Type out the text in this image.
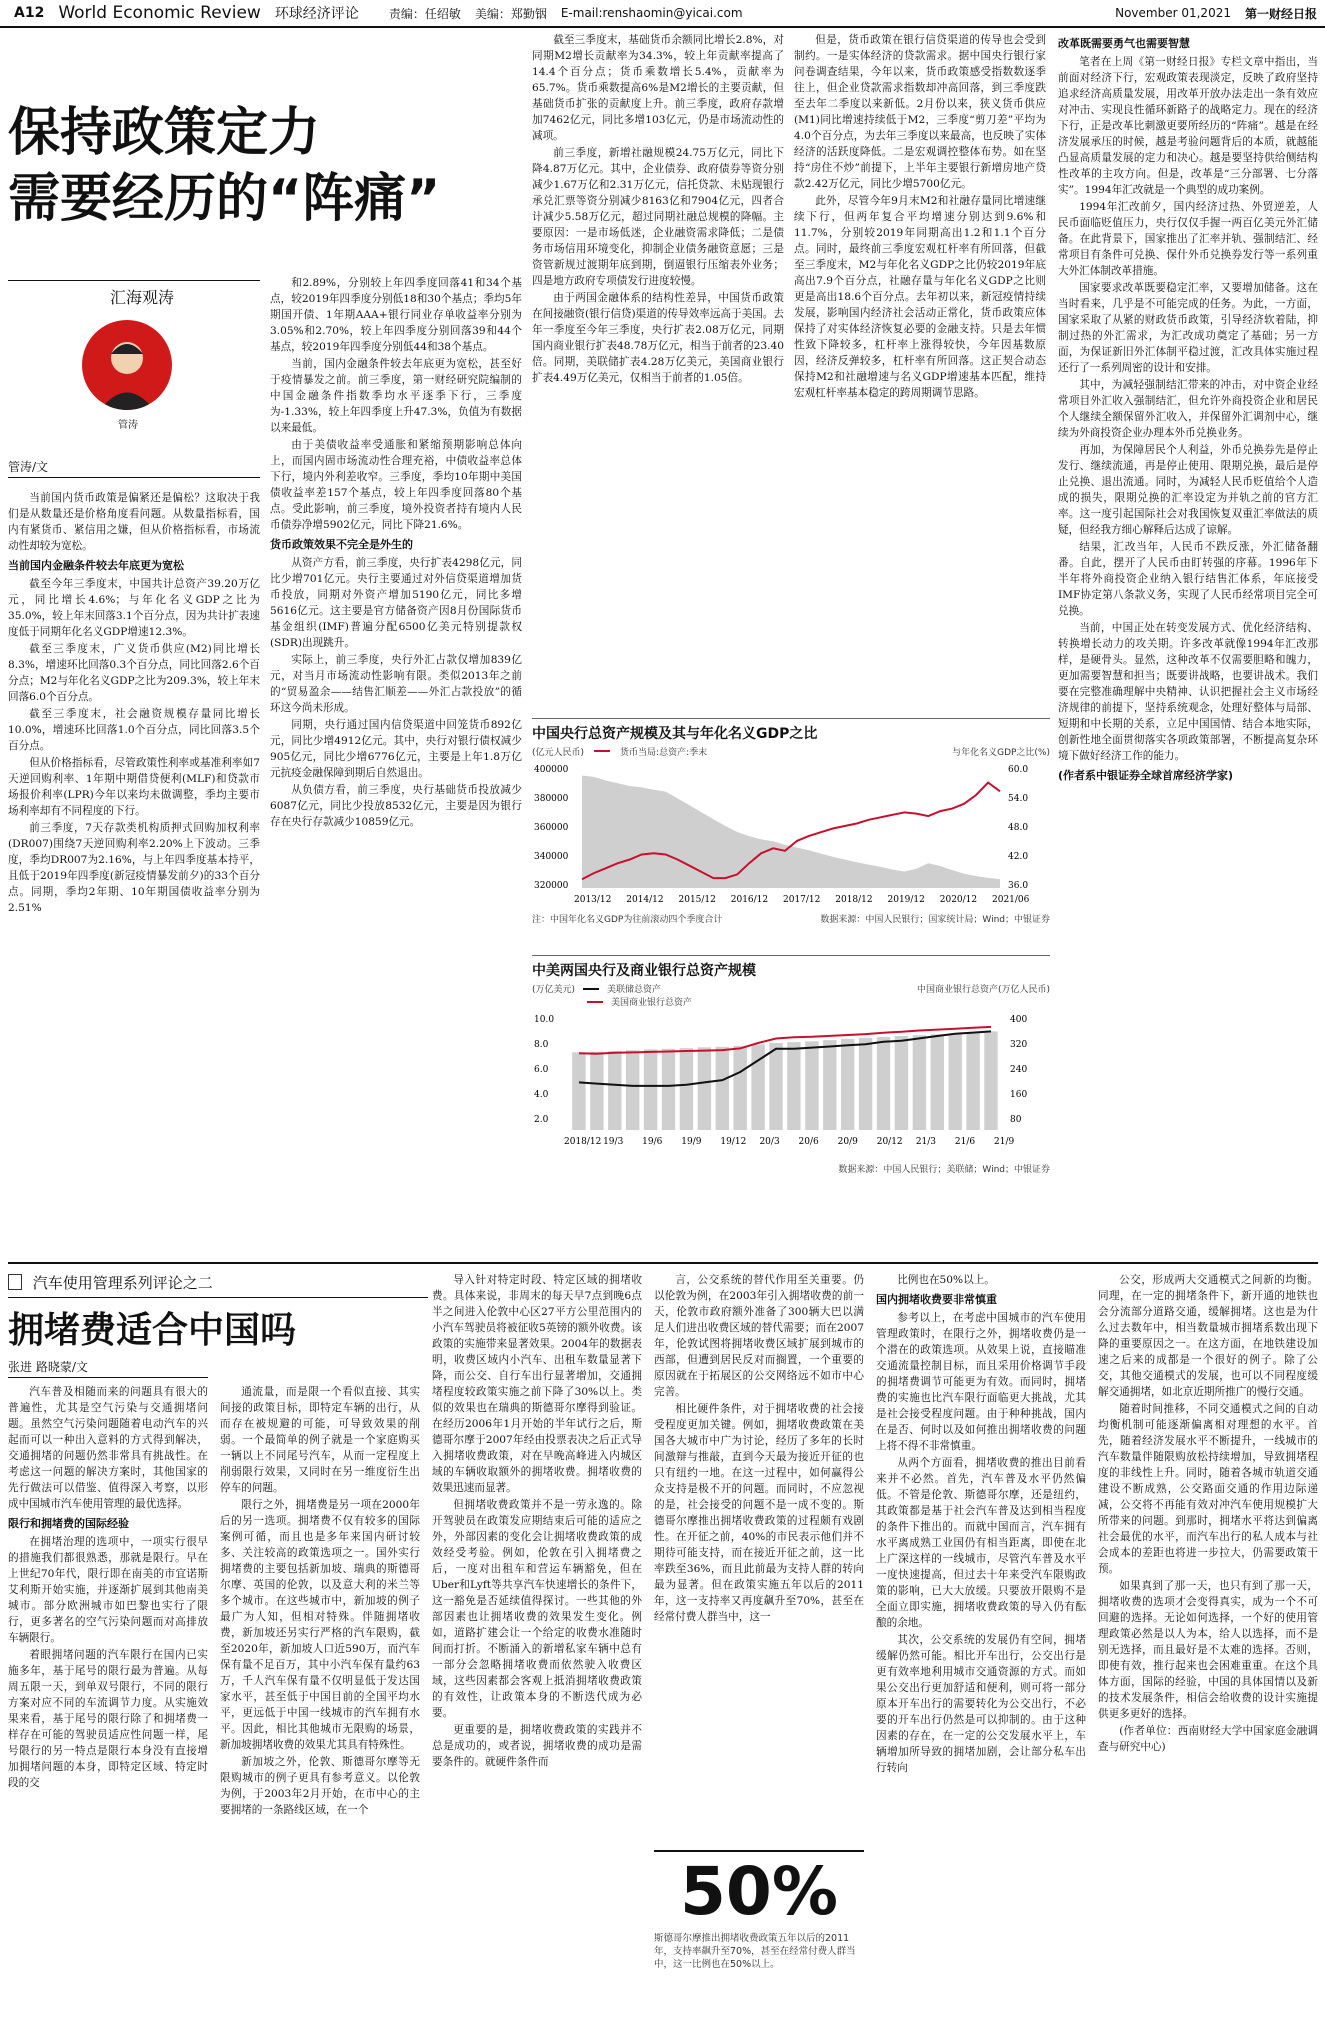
A12 World Economic Review 环球经济评论	责编：任绍敏 美编：郑勤铟 E-mail:renshaomin@yicai.com	November 01,2021 第一财经日报
保持政策定力
需要经历的“阵痛”
汇海观涛
管涛
管涛/文

当前国内货币政策是偏紧还是偏松？这取决于我们是从数量还是价格角度看问题。从数量指标看，国内有紧货币、紧信用之嫌，但从价格指标看，市场流动性却较为宽松。

当前国内金融条件较去年底更为宽松

截至今年三季度末，中国共计总资产39.20万亿元，同比增长4.6%；与年化名义GDP之比为35.0%，较上年末回落3.1个百分点，因为共计扩表速度低于同期年化名义GDP增速12.3%。

截至三季度末，广义货币供应(M2)同比增长8.3%，增速环比回落0.3个百分点，同比回落2.6个百分点；M2与年化名义GDP之比为209.3%，较上年末回落6.0个百分点。

截至三季度末，社会融资规模存量同比增长10.0%，增速环比回落1.0个百分点，同比回落3.5个百分点。

但从价格指标看，尽管政策性利率或基准利率如7天逆回购利率、1年期中期借贷便利(MLF)和贷款市场报价利率(LPR)今年以来均未做调整，季均主要市场利率却有不同程度的下行。

前三季度，7天存款类机构质押式回购加权利率(DR007)围绕7天逆回购利率2.20%上下波动。三季度，季均DR007为2.16%，与上年四季度基本持平，且低于2019年四季度(新冠疫情暴发前夕)的33个百分点。同期，季均2年期、10年期国债收益率分别为2.51%

和2.89%，分别较上年四季度回落41和34个基点，较2019年四季度分别低18和30个基点；季均5年期国开债、1年期AAA+银行同业存单收益率分别为3.05%和2.70%，较上年四季度分别回落39和44个基点，较2019年四季度分别低44和38个基点。

当前，国内金融条件较去年底更为宽松，甚至好于疫情暴发之前。前三季度，第一财经研究院编制的中国金融条件指数季均水平逐季下行，三季度为-1.33%，较上年四季度上升47.3%，负值为有数据以来最低。

由于美债收益率受通胀和紧缩预期影响总体向上，而国内固市场流动性合理充裕，中债收益率总体下行，境内外利差收窄。三季度，季均10年期中美国债收益率差157个基点，较上年四季度回落80个基点。受此影响，前三季度，境外投资者持有境内人民币债券净增5902亿元，同比下降21.6%。

货币政策效果不完全是外生的

从资产方看，前三季度，央行扩表4298亿元，同比少增701亿元。央行主要通过对外信贷渠道增加货币投放，同期对外资产增加5190亿元，同比多增5616亿元。这主要是官方储备资产因8月份国际货币基金组织(IMF)普遍分配6500亿美元特别提款权(SDR)出现跳升。

实际上，前三季度，央行外汇占款仅增加839亿元，对当月市场流动性影响有限。类似2013年之前的“贸易盈余——结售汇顺差——外汇占款投放”的循环这今尚未形成。

同期，央行通过国内信贷渠道中回笼货币892亿元，同比少增4912亿元。其中，央行对银行债权减少905亿元，同比少增6776亿元，主要是上年1.8万亿元抗疫金融保障到期后自然退出。

从负债方看，前三季度，央行基础货币投放减少6087亿元，同比少投放8532亿元，主要是因为银行存在央行存款减少10859亿元。

截至三季度末，基础货币余额同比增长2.8%，对同期M2增长贡献率为34.3%，较上年贡献率提高了14.4个百分点；货币乘数增长5.4%，贡献率为65.7%。货币乘数提高6%是M2增长的主要贡献，但基础货币扩张的贡献度上升。前三季度，政府存款增加7462亿元，同比多增103亿元，仍是市场流动性的减项。

前三季度，新增社融规模24.75万亿元，同比下降4.87万亿元。其中，企业债券、政府债券等资分别减少1.67万亿和2.31万亿元，信托贷款、未贴现银行承兑汇票等资分别减少8163亿和7904亿元，四者合计减少5.58万亿元，超过同期社融总规模的降幅。主要原因：一是市场低迷，企业融资需求降低；二是债务市场信用环境变化，抑制企业债务融资意愿；三是资管新规过渡期年底到期，倒逼银行压缩表外业务；四是地方政府专项债发行进度较慢。

由于两国金融体系的结构性差异，中国货币政策在间接融资(银行信贷)渠道的传导效率远高于美国。去年一季度至今年三季度，央行扩表2.08万亿元，同期国内商业银行扩表48.78万亿元，相当于前者的23.40倍。同期，美联储扩表4.28万亿美元，美国商业银行扩表4.49万亿美元，仅相当于前者的1.05倍。

但是，货币政策在银行信贷渠道的传导也会受到制约。一是实体经济的贷款需求。据中国央行银行家问卷调查结果，今年以来，货币政策感受指数数逐季往上，但企业贷款需求指数却冲高回落，到三季度跌至去年二季度以来新低。2月份以来，狭义货币供应(M1)同比增速持续低于M2，三季度“剪刀差”平均为4.0个百分点，为去年三季度以来最高，也反映了实体经济的活跃度降低。二是宏观调控整体布势。如在坚持“房住不炒”前提下，上半年主要银行新增房地产贷款2.42万亿元，同比少增5700亿元。

此外，尽管今年9月末M2和社融存量同比增速继续下行，但两年复合平均增速分别达到9.6%和11.7%，分别较2019年同期高出1.2和1.1个百分点。同时，最终前三季度宏观杠杆率有所回落，但截至三季度末，M2与年化名义GDP之比仍较2019年底高出7.9个百分点，社融存量与年化名义GDP之比则更是高出18.6个百分点。去年初以来，新冠疫情持续发展，影响国内经济社会活动正常化，货币政策应体保持了对实体经济恢复必要的金融支持。只是去年惯性致下降较多，杠杆率上涨得较快，今年因基数原因，经济反弹较多，杠杆率有所回落。这正契合动态保持M2和社融增速与名义GDP增速基本匹配，维持宏观杠杆率基本稳定的跨周期调节思路。

改革既需要勇气也需要智慧

笔者在上周《第一财经日报》专栏文章中指出，当前面对经济下行，宏观政策表现淡定，反映了政府坚持追求经济高质量发展，用改革开放办法走出一条有效应对冲击、实现良性循环新路子的战略定力。现在的经济下行，正是改革比刺激更要所经历的“阵痛”。越是在经济发展承压的时候，越是考验问题背后的本质，就越能凸显高质量发展的定力和决心。越是要坚持供给侧结构性改革的主攻方向。但是，改革是“三分部署、七分落实”。1994年汇改就是一个典型的成功案例。

1994年汇改前夕，国内经济过热、外贸逆差，人民币面临贬值压力，央行仅仅手握一两百亿美元外汇储备。在此背景下，国家推出了汇率并轨、强制结汇、经常项目有条件可兑换、保什外币兑换券发行等一系列重大外汇体制改革措施。

国家要求改革既要稳定汇率，又要增加储备。这在当时看来，几乎是不可能完成的任务。为此，一方面，国家采取了从紧的财政货币政策，引导经济软着陆，抑制过热的外汇需求，为汇改成功奠定了基础；另一方面，为保证新旧外汇体制平稳过渡，汇改具体实施过程还行了一系列周密的设计和安排。

其中，为减轻强制结汇带来的冲击，对中资企业经常项目外汇收入强制结汇，但允许外商投资企业和居民个人继续全额保留外汇收入，并保留外汇调剂中心，继续为外商投资企业办理本外币兑换业务。

再加，为保障居民个人利益，外币兑换券先是停止发行、继续流通，再是停止使用、限期兑换，最后是停止兑换、退出流通。同时，为减轻人民币贬值给个人造成的损失，限期兑换的汇率设定为并轨之前的官方汇率。这一度引起国际社会对我国恢复双重汇率做法的质疑，但经我方细心解释后达成了谅解。

结果，汇改当年，人民币不跌反涨，外汇储备翻番。自此，摆开了人民币由盯转强的序幕。1996年下半年将外商投资企业纳入银行结售汇体系，年底接受IMF协定第八条款义务，实现了人民币经常项目完全可兑换。

当前，中国正处在转变发展方式、优化经济结构、转换增长动力的攻关期。许多改革就像1994年汇改那样，是硬骨头。显然，这种改革不仅需要胆略和魄力，更加需要智慧和担当；既要讲战略，也要讲战术。我们要在完整准确理解中央精神、认识把握社会主义市场经济规律的前提下，坚持系统观念，处理好整体与局部、短期和中长期的关系，立足中国国情、结合本地实际，创新性地全面贯彻落实各项政策部署，不断提高复杂环境下做好经济工作的能力。

(作者系中银证券全球首席经济学家)
中国央行总资产规模及其与年化名义GDP之比
(亿元人民币)	货币当局:总资产:季末	与年化名义GDP之比(%)
400000
380000
360000
340000
320000
60.0
54.0
48.0
42.0
36.0
2013/12 2014/12 2015/12 2016/12 2017/12 2018/12 2019/12 2020/12 2021/06
注：中国年化名义GDP为往前滚动四个季度合计	数据来源：中国人民银行；国家统计局；Wind；中银证券
中美两国央行及商业银行总资产规模
(万亿美元)	美联储总资产	中国商业银行总资产(万亿人民币)
美国商业银行总资产
10.0
8.0
6.0
4.0
2.0
400
320
240
160
80
2018/12 19/3 19/6 19/9 19/12 20/3 20/6 20/9 20/12 21/3 21/6 21/9
数据来源：中国人民银行；美联储；Wind；中银证券
汽车使用管理系列评论之二
拥堵费适合中国吗
张进 路晓蒙/文

汽车普及相随而来的问题具有很大的普遍性，尤其是空气污染与交通拥堵问题。虽然空气污染问题随着电动汽车的兴起而可以一种出入意料的方式得到解决，交通拥堵的问题仍然非常具有挑战性。在考虑这一问题的解决方案时，其他国家的先行做法可以借鉴、值得深入考察，以形成中国城市汽车使用管理的最优选择。

限行和拥堵费的国际经验

在拥堵治理的选项中，一项实行很早的措施我们都很熟悉，那就是限行。早在上世纪70年代，限行即在南美的市宜诺斯艾利斯开始实施，并逐渐扩展到其他南美城市。部分欧洲城市如巴黎也实行了限行，更多著名的空气污染问题而对高排放车辆限行。

着眼拥堵问题的汽车限行在国内已实施多年，基于尾号的限行最为普遍。从每周五限一天，到单双号限行，不同的限行方案对应不同的车流调节力度。从实施效果来看，基于尾号的限行除了和拥堵费一样存在可能的驾驶员适应性问题一样，尾号限行的另一特点是限行本身没有直接增加拥堵问题的本身，即特定区域、特定时段的交

通流量，而是限一个看似直接、其实间接的政策目标，即特定车辆的出行，从而存在被规避的可能，可导致效果的削弱。一个最简单的例子就是一个家庭购买一辆以上不同尾号汽车，从而一定程度上削弱限行效果，又同时在另一维度衍生出停车的问题。

限行之外，拥堵费是另一项在2000年后的另一选项。拥堵费不仅有较多的国际案例可循，而且也是多年来国内研讨较多、关注较高的政策选项之一。国外实行拥堵费的主要包括新加坡、瑞典的斯德哥尔摩、英国的伦敦，以及意大利的米兰等多个城市。在这些城市中，新加坡的例子最广为人知，但相对特殊。伴随拥堵收费，新加坡还另实行严格的汽车限购，截至2020年，新加坡人口近590万，而汽车保有量不足百万，其中小汽车保有量约63万，千人汽车保有量不仅明显低于发达国家水平，甚至低于中国目前的全国平均水平，更远低于中国一线城市的汽车拥有水平。因此，相比其他城市无限购的场景，新加坡拥堵收费的效果尤其具有特殊性。

新加坡之外，伦敦、斯德哥尔摩等无限购城市的例子更具有参考意义。以伦敦为例，于2003年2月开始，在市中心的主要拥堵的一条路线区域，在一个

导入针对特定时段、特定区域的拥堵收费。具体来说，非周末的每天早7点到晚6点半之间进入伦敦中心区27平方公里范围内的小汽车驾驶员将被征收5英镑的额外收费。该政策的实施带来显著效果。2004年的数据表明，收费区域内小汽车、出租车数量显著下降，而公交、自行车出行显著增加，交通拥堵程度较政策实施之前下降了30%以上。类似的效果也在瑞典的斯德哥尔摩得到验证。在经历2006年1月开始的半年试行之后，斯德哥尔摩于2007年经由投票表决之后正式导入拥堵收费政策，对在早晚高峰进入内城区域的车辆收取额外的拥堵收费。拥堵收费的效果迅速而显著。

但拥堵收费政策并不是一劳永逸的。除开驾驶员在政策发应期结束后可能的适应之外，外部因素的变化会让拥堵收费政策的成效经受考验。例如，伦敦在引入拥堵费之后，一度对出租车和营运车辆豁免，但在Uber和Lyft等共享汽车快速增长的条件下，这一豁免是否延续值得探讨。一些其他的外部因素也让拥堵收费的效果发生变化。例如，道路扩建会让一个给定的收费水准随时间而打折。不断涌入的新增私家车辆中总有一部分会忽略拥堵收费而依然驶入收费区域，这些因素都会客观上抵消拥堵收费政策的有效性，让政策本身的不断迭代成为必要。

更重要的是，拥堵收费政策的实践并不总是成功的，或者说，拥堵收费的成功是需要条件的。就硬件条件而

言，公交系统的替代作用至关重要。仍以伦敦为例，在2003年引入拥堵收费的前一天，伦敦市政府额外准备了300辆大巴以满足人们进出收费区域的替代需要；而在2007年，伦敦试图将拥堵收费区域扩展到城市的西部，但遭到居民反对而搁置，一个重要的原因就在于拓展区的公交网络远不如市中心完善。

相比硬件条件，对于拥堵收费的社会接受程度更加关键。例如，拥堵收费政策在美国各大城市中广为讨论，经历了多年的长时间激辩与推敲，直到今天最为接近开征的也只有纽约一地。在这一过程中，如何赢得公众支持是极不开的问题。而同时，不应忽视的是，社会接受的问题不是一成不变的。斯德哥尔摩推出拥堵收费政策的过程颇有戏剧性。在开征之前，40%的市民表示他们并不期待可能支持，而在接近开征之前，这一比率跌至36%，而且此前最为支持人群的转向最为显著。但在政策实施五年以后的2011年，这一支持率又再度飙升至70%，甚至在经常付费人群当中，这一

50%
斯德哥尔摩推出拥堵收费政策五年以后的2011年，支持率飙升至70%，甚至在经常付费人群当中，这一比例也在50%以上。

比例也在50%以上。

国内拥堵收费要非常慎重

参考以上，在考虑中国城市的汽车使用管理政策时，在限行之外，拥堵收费仍是一个潜在的政策选项。从效果上说，直接瞄准交通流量控制目标，而且采用价格调节手段的拥堵费调节可能更为有效。而同时，拥堵费的实施也比汽车限行面临更大挑战，尤其是社会接受程度问题。由于种种挑战，国内在是否、何时以及如何推出拥堵收费的问题上将不得不非常慎重。

从两个方面看，拥堵收费的推出目前看来并不必然。首先，汽车普及水平仍然偏低。不管是伦敦、斯德哥尔摩，还是纽约，其政策都是基于社会汽车普及达到相当程度的条件下推出的。而就中国而言，汽车拥有水平离成熟工业国仍有相当距离，即使在北上广深这样的一线城市，尽管汽车普及水平一度快速提高，但过去十年来受汽车限购政策的影响，已大大放缓。只要放开限购不是全面立即实施，拥堵收费政策的导入仍有酝酿的余地。

其次，公交系统的发展仍有空间，拥堵缓解仍然可能。相比开车出行，公交出行是更有效率地利用城市交通资源的方式。而如果公交出行更加舒适和便利，则可将一部分原本开车出行的需要转化为公交出行，不必要的开车出行仍然是可以抑制的。由于这种因素的存在，在一定的公交发展水平上，车辆增加所导致的拥堵加剧，会让部分私车出行转向

公交，形成两大交通模式之间新的均衡。同理，在一定的拥堵条件下，新开通的地铁也会分流部分道路交通，缓解拥堵。这也是为什么过去数年中，相当数量城市拥堵系数出现下降的重要原因之一。在这方面，在地铁建设加速之后来的成都是一个很好的例子。除了公交，其他交通模式的发展，也可以不同程度缓解交通拥堵，如北京近期所推广的慢行交通。

随着时间推移，不同交通模式之间的自动均衡机制可能逐渐偏离相对理想的水平。首先，随着经济发展水平不断提升，一线城市的汽车数量伴随限购放松持续增加，导致拥堵程度的非线性上升。同时，随着各城市轨道交通建设不断成熟，公交路面交通的作用边际递减，公交将不再能有效对冲汽车使用规模扩大所带来的问题。到那时，拥堵水平将达到偏离社会最优的水平，而汽车出行的私人成本与社会成本的差距也将进一步拉大，仍需要政策干预。

如果真到了那一天，也只有到了那一天，拥堵收费的选项才会变得真实，成为一个不可回避的选择。无论如何选择，一个好的使用管理政策必然是以人为本，给人以选择，而不是别无选择，而且最好是不太难的选择。否则，即使有效，推行起来也会困难重重。在这个具体方面，国际的经验，中国的具体国情以及新的技术发展条件，相信会给收费的设计实施提供更多更好的选择。

(作者单位：西南财经大学中国家庭金融调查与研究中心)
